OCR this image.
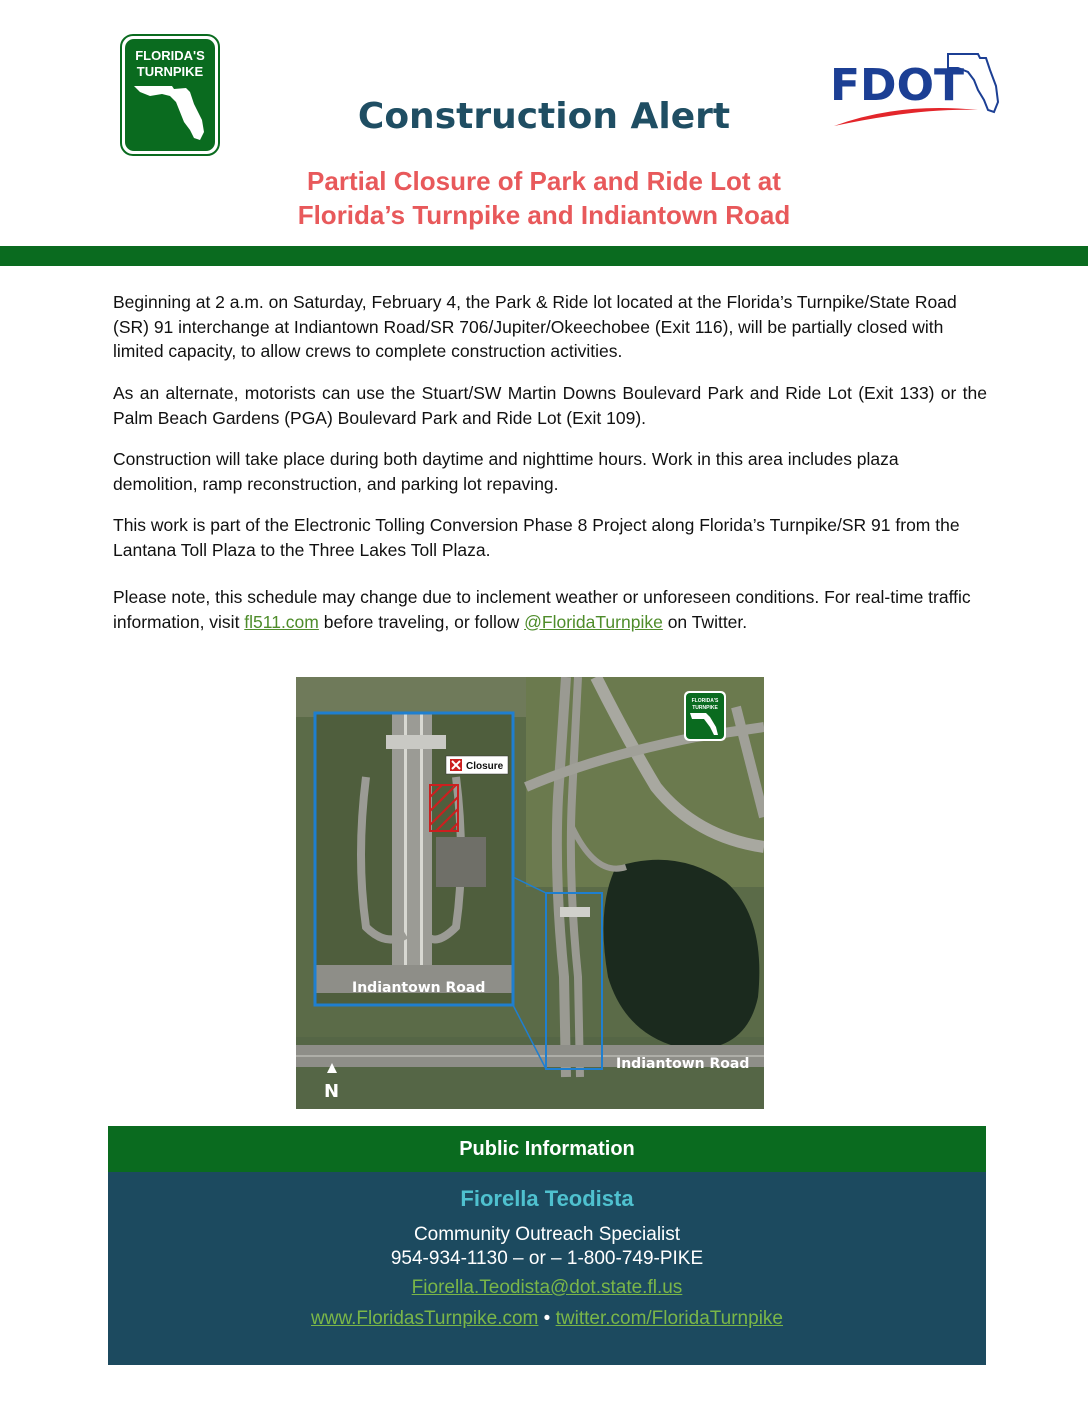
FLORIDA'S
TURNPIKE	FDOT
Construction Alert
Partial Closure of Park and Ride Lot at
Florida’s Turnpike and Indiantown Road

Beginning at 2 a.m. on Saturday, February 4, the Park & Ride lot located at the Florida’s Turnpike/State Road (SR) 91 interchange at Indiantown Road/SR 706/Jupiter/Okeechobee (Exit 116), will be partially closed with limited capacity, to allow crews to complete construction activities.

As an alternate, motorists can use the Stuart/SW Martin Downs Boulevard Park and Ride Lot (Exit 133) or the Palm Beach Gardens (PGA) Boulevard Park and Ride Lot (Exit 109).

Construction will take place during both daytime and nighttime hours. Work in this area includes plaza demolition, ramp reconstruction, and parking lot repaving.

This work is part of the Electronic Tolling Conversion Phase 8 Project along Florida’s Turnpike/SR 91 from the Lantana Toll Plaza to the Three Lakes Toll Plaza.

Please note, this schedule may change due to inclement weather or unforeseen conditions. For real-time traffic information, visit fl511.com before traveling, or follow @FloridaTurnpike on Twitter.

Closure
Indiantown Road
Indiantown Road
N
FLORIDA'S
TURNPIKE
Public Information
Fiorella Teodista
Community Outreach Specialist
954-934-1130 – or – 1-800-749-PIKE
Fiorella.Teodista@dot.state.fl.us
www.FloridasTurnpike.com • twitter.com/FloridaTurnpike
